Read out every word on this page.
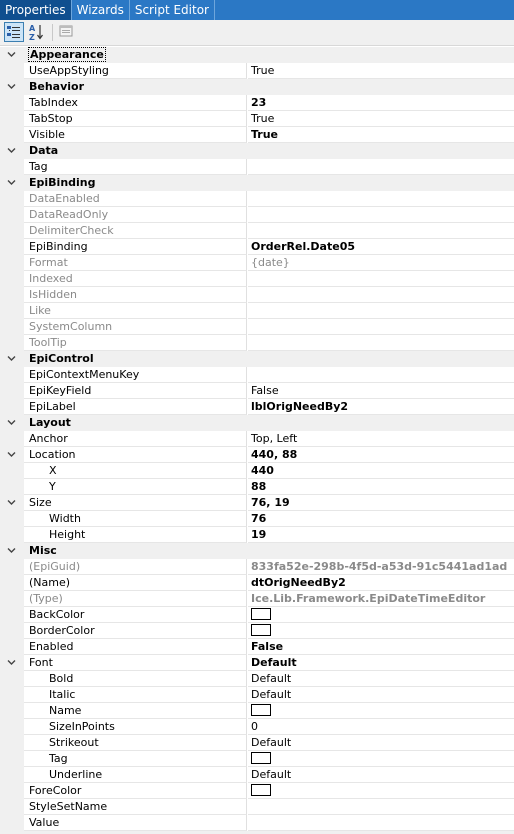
Properties Wizards Script Editor
A
Z
Appearance
UseAppStyling	True
Behavior
TabIndex	23
TabStop	True
Visible	True
Data
Tag
EpiBinding
DataEnabled
DataReadOnly
DelimiterCheck
EpiBinding	OrderRel.Date05
Format	{date}
Indexed
IsHidden
Like
SystemColumn
ToolTip
EpiControl
EpiContextMenuKey
EpiKeyField	False
EpiLabel	lblOrigNeedBy2
Layout
Anchor	Top, Left
Location	440, 88
X	440
Y	88
Size	76, 19
Width	76
Height	19
Misc
(EpiGuid)	833fa52e-298b-4f5d-a53d-91c5441ad1ad
(Name)	dtOrigNeedBy2
(Type)	Ice.Lib.Framework.EpiDateTimeEditor
BackColor
BorderColor
Enabled	False
Font	Default
Bold	Default
Italic	Default
Name
SizeInPoints	0
Strikeout	Default
Tag
Underline	Default
ForeColor
StyleSetName
Value
